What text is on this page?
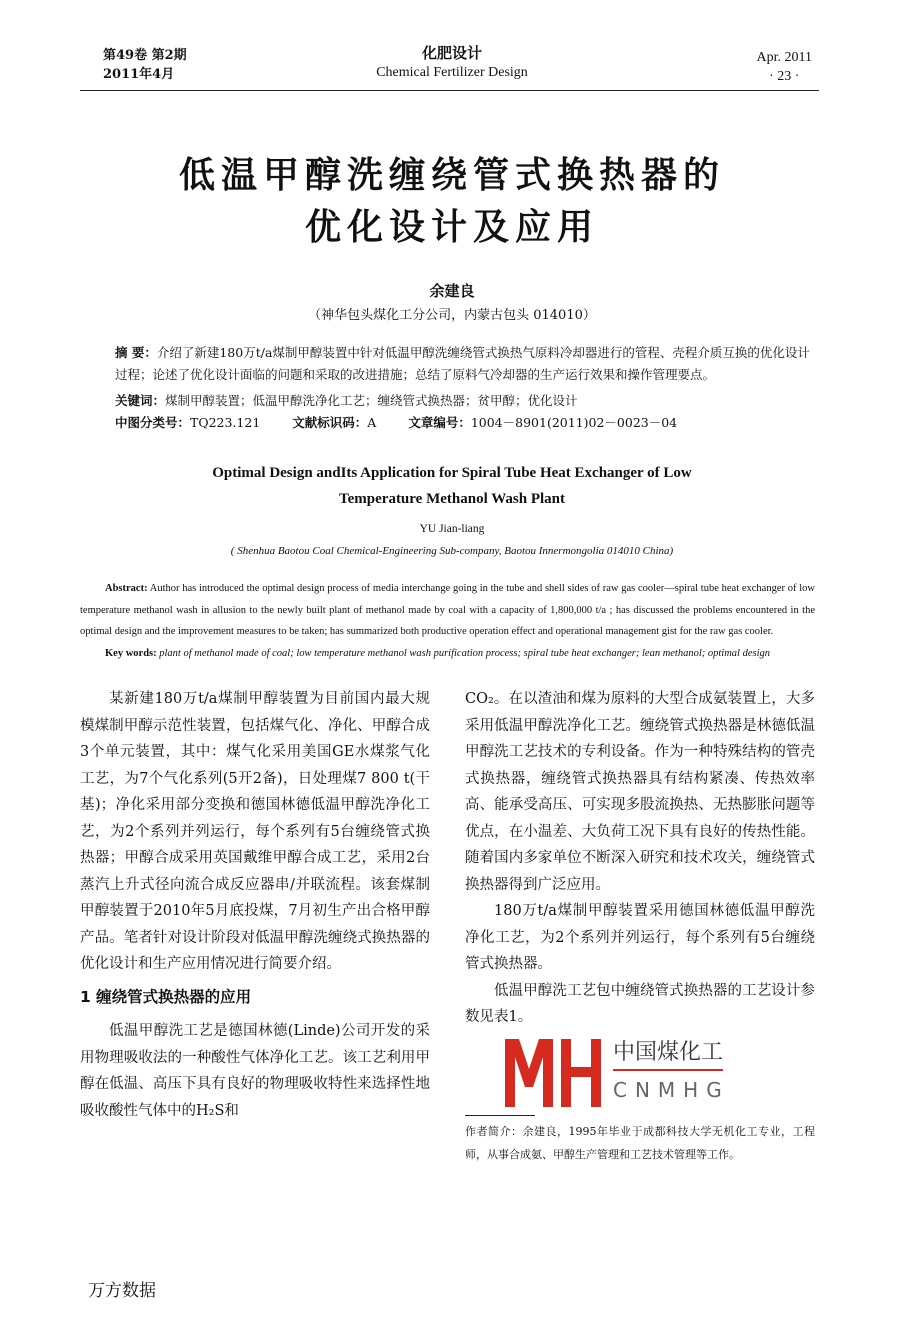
第49卷 第2期
2011年4月
化肥设计
Chemical Fertilizer Design
Apr. 2011
· 23 ·
低温甲醇洗缠绕管式换热器的
优化设计及应用
余建良
（神华包头煤化工分公司，内蒙古包头 014010）
摘 要：介绍了新建180万t/a煤制甲醇装置中针对低温甲醇洗缠绕管式换热气原料冷却器进行的管程、壳程介质互换的优化设计过程；论述了优化设计面临的问题和采取的改进措施；总结了原料气冷却器的生产运行效果和操作管理要点。
关键词：煤制甲醇装置；低温甲醇洗净化工艺；缠绕管式换热器；贫甲醇；优化设计
中图分类号：TQ223.121	文献标识码：A	文章编号：1004－8901(2011)02－0023－04
Optimal Design andIts Application for Spiral Tube Heat Exchanger of Low
Temperature Methanol Wash Plant
YU Jian-liang
( Shenhua Baotou Coal Chemical-Engineering Sub-company, Baotou Innermongolia 014010 China)
Abstract: Author has introduced the optimal design process of media interchange going in the tube and shell sides of raw gas cooler—spiral tube heat exchanger of low temperature methanol wash in allusion to the newly built plant of methanol made by coal with a capacity of 1,800,000 t/a ; has discussed the problems encountered in the optimal design and the improvement measures to be taken; has summarized both productive operation effect and operational management gist for the raw gas cooler.
Key words: plant of methanol made of coal; low temperature methanol wash purification process; spiral tube heat exchanger; lean methanol; optimal design

某新建180万t/a煤制甲醇装置为目前国内最大规模煤制甲醇示范性装置，包括煤气化、净化、甲醇合成3个单元装置，其中：煤气化采用美国GE水煤浆气化工艺，为7个气化系列(5开2备)，日处理煤7 800 t(干基)；净化采用部分变换和德国林德低温甲醇洗净化工艺，为2个系列并列运行，每个系列有5台缠绕管式换热器；甲醇合成采用英国戴维甲醇合成工艺，采用2台蒸汽上升式径向流合成反应器串/并联流程。该套煤制甲醇装置于2010年5月底投煤，7月初生产出合格甲醇产品。笔者针对设计阶段对低温甲醇洗缠绕式换热器的优化设计和生产应用情况进行简要介绍。

1 缠绕管式换热器的应用

低温甲醇洗工艺是德国林德(Linde)公司开发的采用物理吸收法的一种酸性气体净化工艺。该工艺利用甲醇在低温、高压下具有良好的物理吸收特性来选择性地吸收酸性气体中的H₂S和

CO₂。在以渣油和煤为原料的大型合成氨装置上，大多采用低温甲醇洗净化工艺。缠绕管式换热器是林德低温甲醇洗工艺技术的专利设备。作为一种特殊结构的管壳式换热器，缠绕管式换热器具有结构紧凑、传热效率高、能承受高压、可实现多股流换热、无热膨胀问题等优点，在小温差、大负荷工况下具有良好的传热性能。随着国内多家单位不断深入研究和技术攻关，缠绕管式换热器得到广泛应用。

180万t/a煤制甲醇装置采用德国林德低温甲醇洗净化工艺，为2个系列并列运行，每个系列有5台缠绕管式换热器。

低温甲醇洗工艺包中缠绕管式换热器的工艺设计参数见表1。

中国煤化工
CNMHG
作者简介：余建良，1995年毕业于成都科技大学无机化工专业，工程师，从事合成氨、甲醇生产管理和工艺技术管理等工作。
万方数据
